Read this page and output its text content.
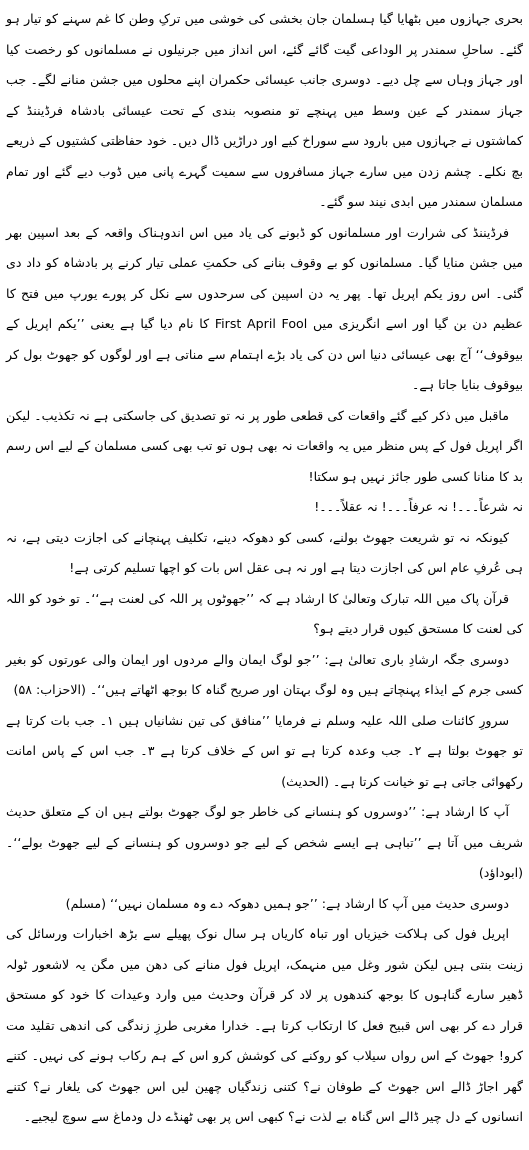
بحری جہازوں میں بٹھایا گیا ہسلمان جان بخشی کی خوشی میں ترکِ وطن کا غم سہنے کو تیار ہو گئے۔ ساحلِ سمندر پر الوداعی گیت گائے گئے، اس انداز میں جرنیلوں نے مسلمانوں کو رخصت کیا اور جہاز وہاں سے چل دیے۔ دوسری جانب عیسائی حکمران اپنے محلوں میں جشن منانے لگے۔ جب جہاز سمندر کے عین وسط میں پہنچے تو منصوبہ بندی کے تحت عیسائی بادشاہ فرڈیننڈ کے کماشتوں نے جہازوں میں بارود سے سوراخ کیے اور دراڑیں ڈال دیں۔ خود حفاظتی کشتیوں کے ذریعے بچ نکلے۔ چشم زدن میں سارے جہاز مسافروں سے سمیت گہرے پانی میں ڈوب دیے گئے اور تمام مسلمان سمندر میں ابدی نیند سو گئے۔

فرڈیننڈ کی شرارت اور مسلمانوں کو ڈبونے کی یاد میں اس اندوہناک واقعہ کے بعد اسپین بھر میں جشن منایا گیا۔ مسلمانوں کو بے وقوف بنانے کی حکمتِ عملی تیار کرنے پر بادشاہ کو داد دی گئی۔ اس روز یکم اپریل تھا۔ پھر یہ دن اسپین کی سرحدوں سے نکل کر پورے یورپ میں فتح کا عظیم دن بن گیا اور اسے انگریزی میں First April Fool کا نام دیا گیا ہے یعنی ’’یکم اپریل کے بیوقوف‘‘ آج بھی عیسائی دنیا اس دن کی یاد بڑے اہتمام سے مناتی ہے اور لوگوں کو جھوٹ بول کر بیوقوف بنایا جاتا ہے۔

ماقبل میں ذکر کیے گئے واقعات کی قطعی طور پر نہ تو تصدیق کی جاسکتی ہے نہ تکذیب۔ لیکن اگر اپریل فول کے پس منظر میں یہ واقعات نہ بھی ہوں تو تب بھی کسی مسلمان کے لیے اس رسم بد کا منانا کسی طور جائز نہیں ہو سکتا!

نہ شرعاً۔۔۔! نہ عرفاً۔۔۔! نہ عقلاً۔۔۔!

کیونکہ نہ تو شریعت جھوٹ بولنے، کسی کو دھوکہ دینے، تکلیف پہنچانے کی اجازت دیتی ہے، نہ ہی عُرفِ عام اس کی اجازت دیتا ہے اور نہ ہی عقل اس بات کو اچھا تسلیم کرتی ہے!

قرآن پاک میں اللہ تبارک وتعالیٰ کا ارشاد ہے کہ ’’جھوٹوں پر اللہ کی لعنت ہے‘‘۔ تو خود کو اللہ کی لعنت کا مستحق کیوں قرار دیتے ہو؟

دوسری جگہ ارشادِ باری تعالیٰ ہے: ’’جو لوگ ایمان والے مردوں اور ایمان والی عورتوں کو بغیر کسی جرم کے ایذاء پہنچاتے ہیں وہ لوگ بہتان اور صریح گناہ کا بوجھ اٹھاتے ہیں‘‘۔ (الاحزاب: ۵۸)

سرورِ کائنات صلی اللہ علیہ وسلم نے فرمایا ’’منافق کی تین نشانیاں ہیں ۱۔ جب بات کرتا ہے تو جھوٹ بولتا ہے ۲۔ جب وعدہ کرتا ہے تو اس کے خلاف کرتا ہے ۳۔ جب اس کے پاس امانت رکھوائی جاتی ہے تو خیانت کرتا ہے۔ (الحدیث)

آپ کا ارشاد ہے: ’’دوسروں کو ہنسانے کی خاطر جو لوگ جھوٹ بولتے ہیں ان کے متعلق حدیث شریف میں آتا ہے ’’تباہی ہے ایسے شخص کے لیے جو دوسروں کو ہنسانے کے لیے جھوٹ بولے‘‘۔ (ابوداؤد)

دوسری حدیث میں آپ کا ارشاد ہے: ’’جو ہمیں دھوکہ دے وہ مسلمان نہیں‘‘ (مسلم)

اپریل فول کی ہلاکت خیزیاں اور تباہ کاریاں ہر سال نوک پھیلے سے بڑھ اخبارات ورسائل کی زینت بنتی ہیں لیکن شور وغل میں منہمک، اپریل فول منانے کی دھن میں مگن یہ لاشعور ٹولہ ڈھیر سارے گناہوں کا بوجھ کندھوں پر لاد کر قرآن وحدیث میں وارد وعیدات کا خود کو مستحق قرار دے کر بھی اس قبیح فعل کا ارتکاب کرتا ہے۔ خدارا مغربی طرزِ زندگی کی اندھی تقلید مت کرو! جھوٹ کے اس رواں سیلاب کو روکنے کی کوشش کرو اس کے ہم رکاب ہونے کی نہیں۔ کتنے گھر اجاڑ ڈالے اس جھوٹ کے طوفان نے؟ کتنی زندگیاں چھین لیں اس جھوٹ کی یلغار نے؟ کتنے انسانوں کے دل چیر ڈالے اس گناہ بے لذت نے؟ کبھی اس پر بھی ٹھنڈے دل ودماغ سے سوچ لیجیے۔
